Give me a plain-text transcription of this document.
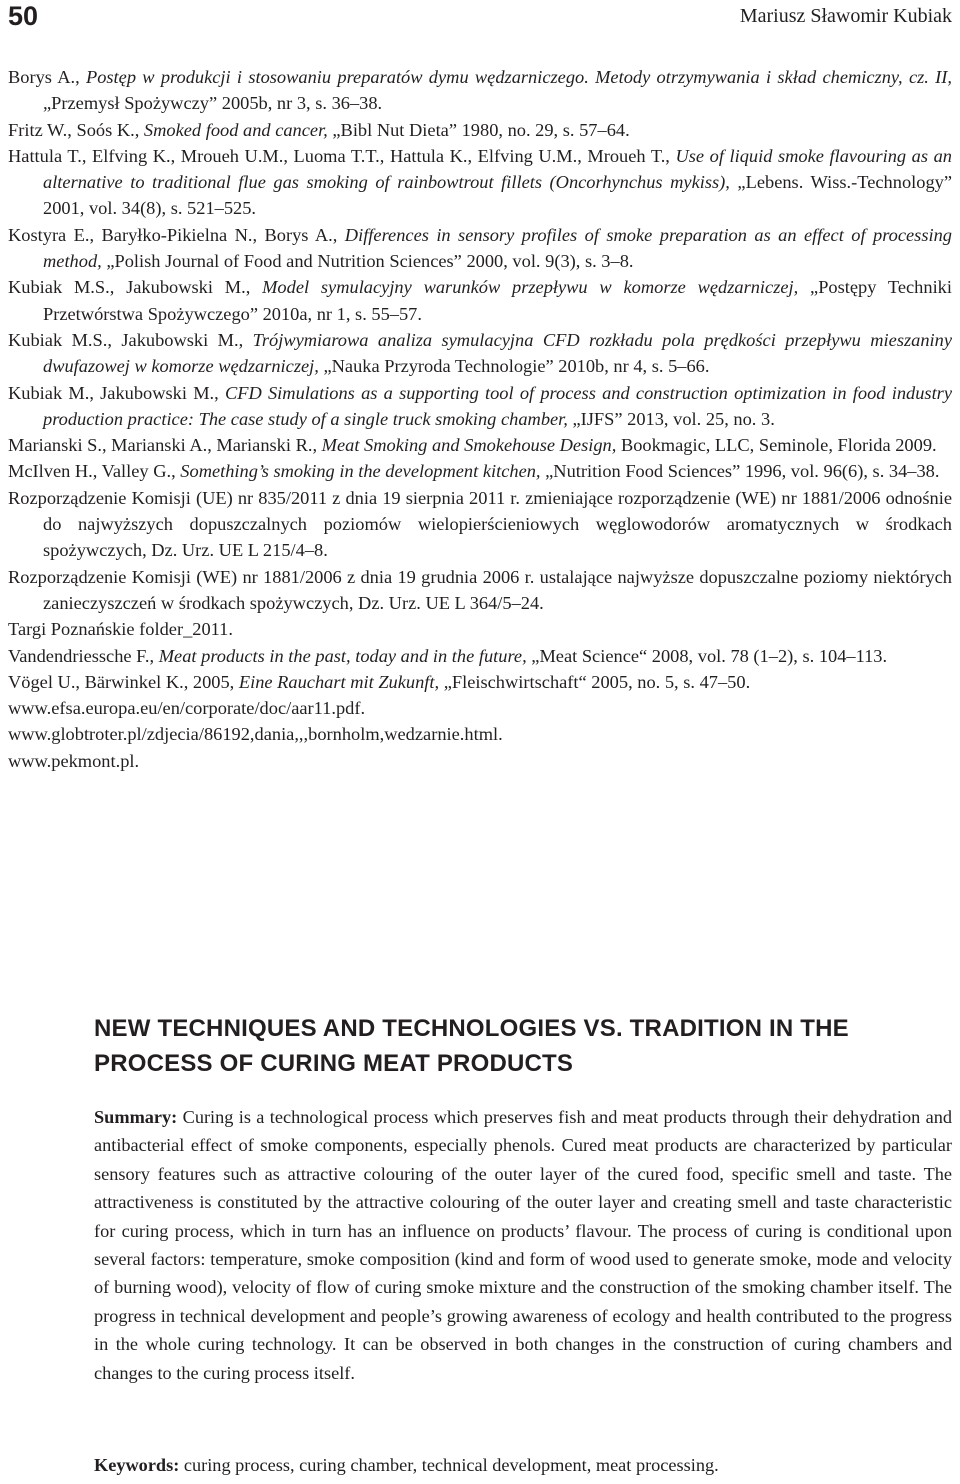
50	Mariusz Sławomir Kubiak
Borys A., Postęp w produkcji i stosowaniu preparatów dymu wędzarniczego. Metody otrzymywania i skład chemiczny, cz. II, „Przemysł Spożywczy” 2005b, nr 3, s. 36–38.
Fritz W., Soós K., Smoked food and cancer, „Bibl Nut Dieta” 1980, no. 29, s. 57–64.
Hattula T., Elfving K., Mroueh U.M., Luoma T.T., Hattula K., Elfving U.M., Mroueh T., Use of liquid smoke flavouring as an alternative to traditional flue gas smoking of rainbowtrout fillets (Oncorhynchus mykiss), „Lebens. Wiss.-Technology” 2001, vol. 34(8), s. 521–525.
Kostyra E., Baryłko-Pikielna N., Borys A., Differences in sensory profiles of smoke preparation as an effect of processing method, „Polish Journal of Food and Nutrition Sciences” 2000, vol. 9(3), s. 3–8.
Kubiak M.S., Jakubowski M., Model symulacyjny warunków przepływu w komorze wędzarniczej, „Postępy Techniki Przetwórstwa Spożywczego” 2010a, nr 1, s. 55–57.
Kubiak M.S., Jakubowski M., Trójwymiarowa analiza symulacyjna CFD rozkładu pola prędkości przepływu mieszaniny dwufazowej w komorze wędzarniczej, „Nauka Przyroda Technologie” 2010b, nr 4, s. 5–66.
Kubiak M., Jakubowski M., CFD Simulations as a supporting tool of process and construction optimization in food industry production practice: The case study of a single truck smoking chamber, „IJFS” 2013, vol. 25, no. 3.
Marianski S., Marianski A., Marianski R., Meat Smoking and Smokehouse Design, Bookmagic, LLC, Seminole, Florida 2009.
McIlven H., Valley G., Something’s smoking in the development kitchen, „Nutrition Food Sciences” 1996, vol. 96(6), s. 34–38.
Rozporządzenie Komisji (UE) nr 835/2011 z dnia 19 sierpnia 2011 r. zmieniające rozporządzenie (WE) nr 1881/2006 odnośnie do najwyższych dopuszczalnych poziomów wielopierścieniowych węglowodorów aromatycznych w środkach spożywczych, Dz. Urz. UE L 215/4–8.
Rozporządzenie Komisji (WE) nr 1881/2006 z dnia 19 grudnia 2006 r. ustalające najwyższe dopuszczalne poziomy niektórych zanieczyszczeń w środkach spożywczych, Dz. Urz. UE L 364/5–24.
Targi Poznańskie folder_2011.
Vandendriessche F., Meat products in the past, today and in the future, „Meat Science“ 2008, vol. 78 (1–2), s. 104–113.
Vögel U., Bärwinkel K., 2005, Eine Rauchart mit Zukunft, „Fleischwirtschaft“ 2005, no. 5, s. 47–50.
www.efsa.europa.eu/en/corporate/doc/aar11.pdf.
www.globtroter.pl/zdjecia/86192,dania,,,bornholm,wedzarnie.html.
www.pekmont.pl.
NEW TECHNIQUES AND TECHNOLOGIES VS. TRADITION IN THE PROCESS OF CURING MEAT PRODUCTS

Summary: Curing is a technological process which preserves fish and meat products through their dehydration and antibacterial effect of smoke components, especially phenols. Cured meat products are characterized by particular sensory features such as attractive colouring of the outer layer of the cured food, specific smell and taste. The attractiveness is constituted by the attractive colouring of the outer layer and creating smell and taste characteristic for curing process, which in turn has an influence on products’ flavour. The process of curing is conditional upon several factors: temperature, smoke composition (kind and form of wood used to generate smoke, mode and velocity of burning wood), velocity of flow of curing smoke mixture and the construction of the smoking chamber itself. The progress in technical development and people’s growing awareness of ecology and health contributed to the progress in the whole curing technology. It can be observed in both changes in the construction of curing chambers and changes to the curing process itself.

Keywords: curing process, curing chamber, technical development, meat processing.
